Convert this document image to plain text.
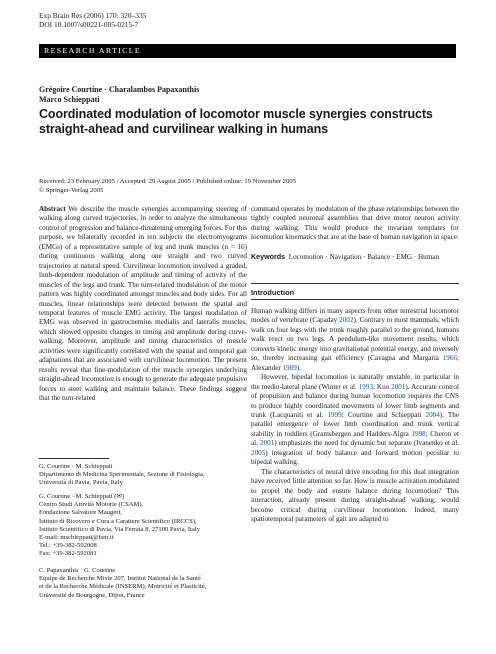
Exp Brain Res (2006) 170: 320–335
DOI 10.1007/s00221-005-0215-7
RESEARCH ARTICLE
Grégoire Courtine · Charalambos Papaxanthis
Marco Schieppati
Coordinated modulation of locomotor muscle synergies constructs
straight-ahead and curvilinear walking in humans
Received: 23 February 2005 / Accepted: 29 August 2005 / Published online: 19 November 2005
© Springer-Verlag 2005

Abstract We describe the muscle synergies accompanying steering of walking along curved trajectories, in order to analyze the simultaneous control of progression and balance-threatening emerging forces. For this purpose, we bilaterally recorded in ten subjects the electromyograms (EMGs) of a representative sample of leg and trunk muscles (n = 16) during continuous walking along one straight and two curved trajectories at natural speed. Curvilinear locomotion involved a graded, limb-dependent modulation of amplitude and timing of activity of the muscles of the legs and trunk. The turn-related modulation of the motor pattern was highly coordinated amongst muscles and body sides. For all muscles, linear relationships were detected between the spatial and temporal features of muscle EMG activity. The largest modulation of EMG was observed in gastrocnemius medialis and lateralis muscles, which showed opposite changes in timing and amplitude during curve-walking. Moreover, amplitude and timing characteristics of muscle activities were significantly correlated with the spatial and temporal gait adaptations that are associated with curvilinear locomotion. The present results reveal that fine-modulation of the muscle synergies underlying straight-ahead locomotion is enough to generate the adequate propulsive forces to steer walking and maintain balance. These findings suggest that the turn-related

command operates by modulation of the phase relationships between the tightly coupled neuronal assemblies that drive motor neuron activity during walking. This would produce the invariant templates for locomotion kinematics that are at the base of human navigation in space.

Keywords Locomotion · Navigation · Balance · EMG · Human

Introduction

Human walking differs in many aspects from other terrestrial locomotor modes of vertebrate (Capaday 2002). Contrary to most mammals, which walk on four legs with the trunk roughly parallel to the ground, humans walk erect on two legs. A pendulum-like movement results, which converts kinetic energy into gravitational potential energy, and inversely so, thereby increasing gait efficiency (Cavagna and Margaria 1966; Alexander 1989).

However, bipedal locomotion is naturally unstable, in particular in the medio-lateral plane (Winter et al. 1993; Kuo 2001). Accurate control of propulsion and balance during human locomotion requires the CNS to produce highly coordinated movements of lower limb segments and trunk (Lacquaniti et al. 1999; Courtine and Schieppati 2004). The parallel emergence of lower limb coordination and trunk vertical stability in toddlers (Gramsbergen and Hadders-Algra 1998; Cheron et al. 2001) emphasizes the need for dynamic but separate (Ivanenko et al. 2005) integration of body balance and forward motion peculiar to bipedal walking.

The characteristics of neural drive encoding for this dual integration have received little attention so far. How is muscle activation modulated to propel the body and ensure balance during locomotion? This interaction, already present during straight-ahead walking, would become critical during curvilinear locomotion. Indeed, many spatiotemporal parameters of gait are adapted to

G. Courtine · M. Schieppati
Dipartimento di Medicina Sperimentale, Sezione di Fisiologia,
Università di Pavia, Pavia, Italy
G. Courtine · M. Schieppati (✉)
Centro Studi Attività Motorie (CSAM),
Fondazione Salvatore Maugeri,
Istituto di Ricovero e Cura a Carattere Scientifico (IRCCS),
Istituto Scientifico di Pavia, Via Ferrata 8, 27100 Pavia, Italy
E-mail: mschieppati@fsm.it
Tel.: +39-382-592008
Fax: +39-382-592081
C. Papaxanthis · G. Courtine
Equipe de Recherche Mixte 207, Institut National de la Santé
et de la Recherche Médicale (INSERM), Motricité et Plasticité,
Université de Bourgogne, Dijon, France
